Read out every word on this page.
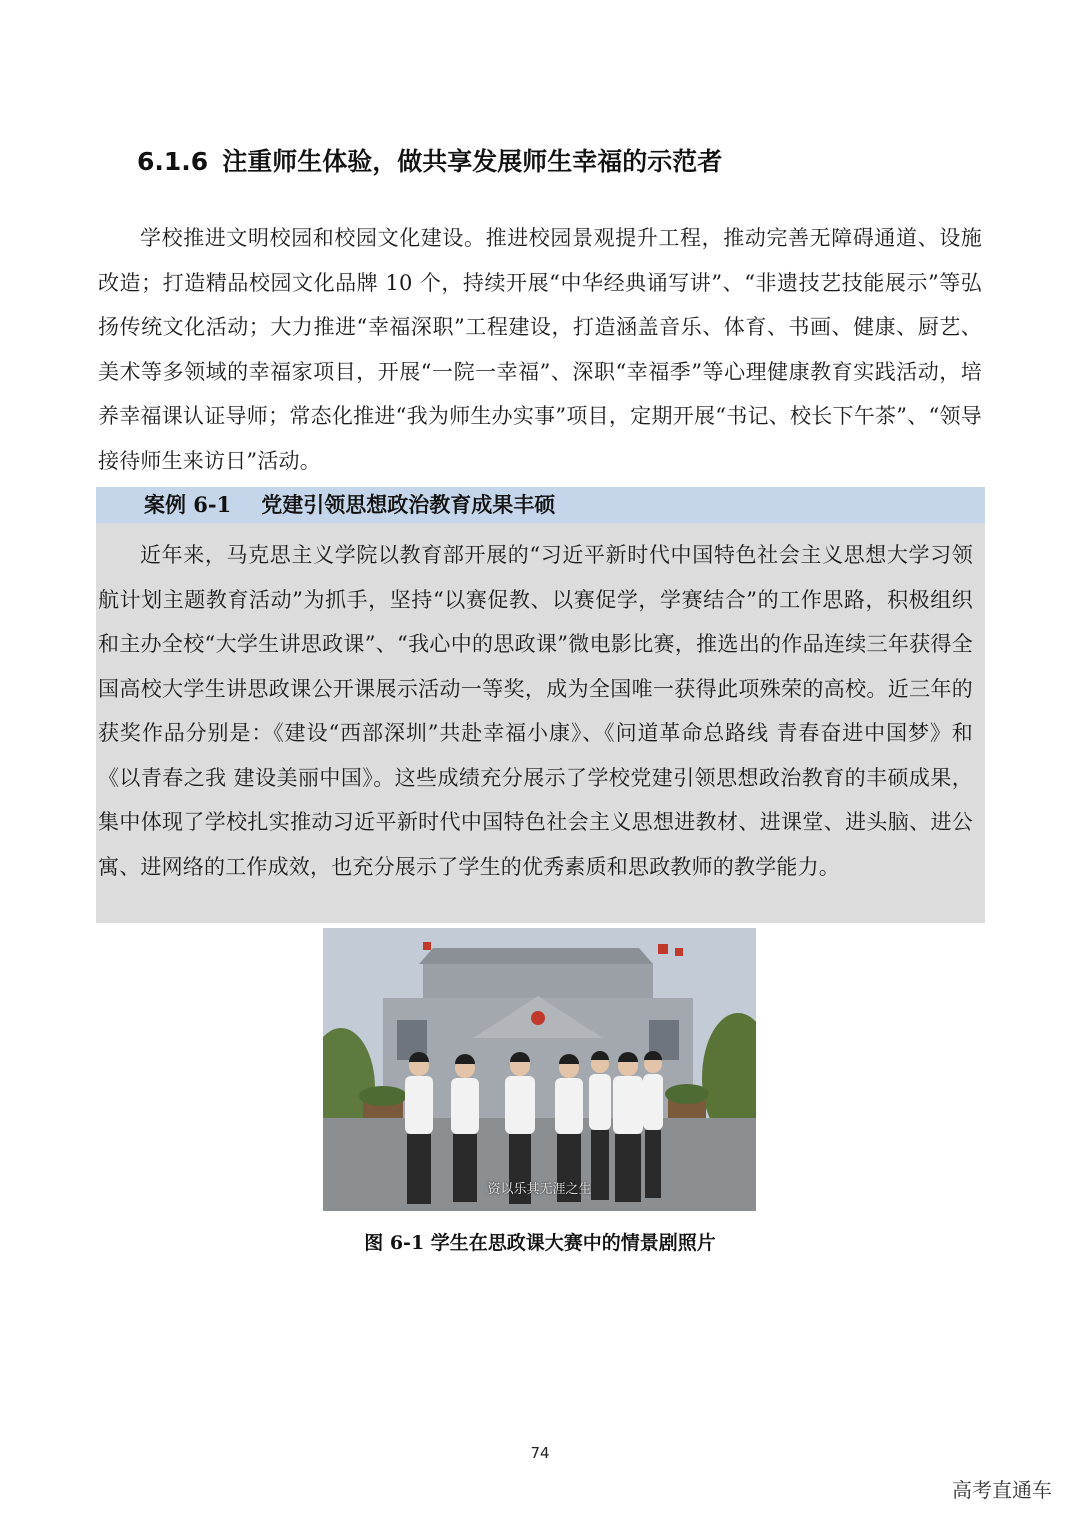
6.1.6 注重师生体验，做共享发展师生幸福的示范者

学校推进文明校园和校园文化建设。推进校园景观提升工程，推动完善无障碍通道、设施改造；打造精品校园文化品牌 10 个，持续开展“中华经典诵写讲”、“非遗技艺技能展示”等弘扬传统文化活动；大力推进“幸福深职”工程建设，打造涵盖音乐、体育、书画、健康、厨艺、美术等多领域的幸福家项目，开展“一院一幸福”、深职“幸福季”等心理健康教育实践活动，培养幸福课认证导师；常态化推进“我为师生办实事”项目，定期开展“书记、校长下午茶”、“领导接待师生来访日”活动。

案例 6-1 党建引领思想政治教育成果丰硕

近年来，马克思主义学院以教育部开展的“习近平新时代中国特色社会主义思想大学习领航计划主题教育活动”为抓手，坚持“以赛促教、以赛促学，学赛结合”的工作思路，积极组织和主办全校“大学生讲思政课”、“我心中的思政课”微电影比赛，推选出的作品连续三年获得全国高校大学生讲思政课公开课展示活动一等奖，成为全国唯一获得此项殊荣的高校。近三年的获奖作品分别是：《建设“西部深圳”共赴幸福小康》、《问道革命总路线 青春奋进中国梦》和《以青春之我 建设美丽中国》。这些成绩充分展示了学校党建引领思想政治教育的丰硕成果，集中体现了学校扎实推动习近平新时代中国特色社会主义思想进教材、进课堂、进头脑、进公寓、进网络的工作成效，也充分展示了学生的优秀素质和思政教师的教学能力。

资以乐其无涯之生
图 6-1 学生在思政课大赛中的情景剧照片
74
高考直通车
